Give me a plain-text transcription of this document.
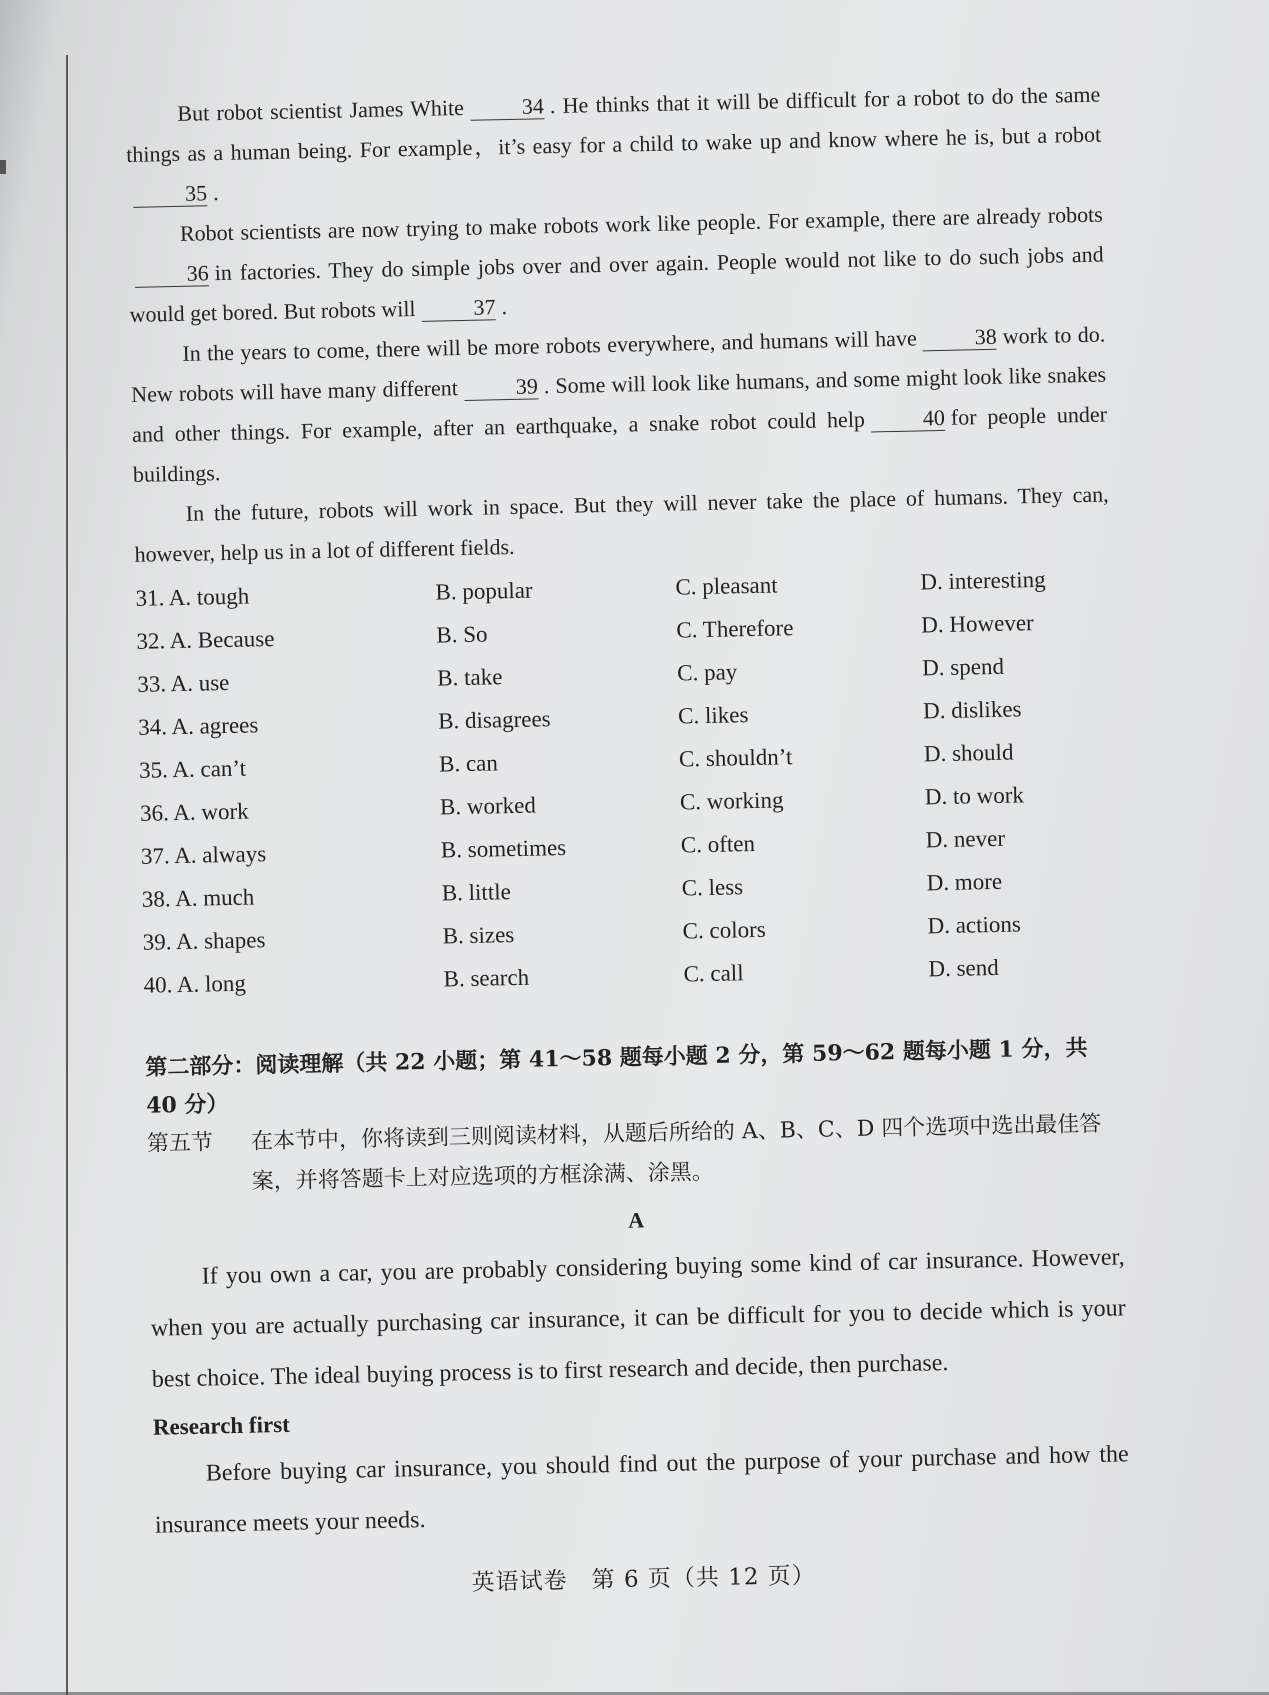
But robot scientist James White	34 . He thinks that it will be difficult for a robot to do the same things as a human being. For example，it’s easy for a child to wake up and know where he is, but a robot35 .

Robot scientists are now trying to make robots work like people. For example, there are already robots36 in factories. They do simple jobs over and over again. People would not like to do such jobs and would get bored. But robots will	37 .

In the years to come, there will be more robots everywhere, and humans will have	38 work to do. New robots will have many different	39 . Some will look like humans, and some might look like snakes and other things. For example, after an earthquake, a snake robot could help	40 for people under buildings.

In the future, robots will work in space. But they will never take the place of humans. They can, however, help us in a lot of different fields.

31. A. tough	B. popular	C. pleasant	D. interesting
32. A. Because	B. So	C. Therefore	D. However
33. A. use	B. take	C. pay	D. spend
34. A. agrees	B. disagrees	C. likes	D. dislikes
35. A. can’t	B. can	C. shouldn’t	D. should
36. A. work	B. worked	C. working	D. to work
37. A. always	B. sometimes	C. often	D. never
38. A. much	B. little	C. less	D. more
39. A. shapes	B. sizes	C. colors	D. actions
40. A. long	B. search	C. call	D. send
第二部分：阅读理解（共 22 小题；第 41～58 题每小题 2 分，第 59～62 题每小题 1 分，共 40 分）
第五节	在本节中，你将读到三则阅读材料，从题后所给的 A、B、C、D 四个选项中选出最佳答案，并将答题卡上对应选项的方框涂满、涂黑。
A

If you own a car, you are probably considering buying some kind of car insurance. However, when you are actually purchasing car insurance, it can be difficult for you to decide which is your best choice. The ideal buying process is to first research and decide, then purchase.

Research first

Before buying car insurance, you should find out the purpose of your purchase and how the insurance meets your needs.

英语试卷　第 6 页（共 12 页）
